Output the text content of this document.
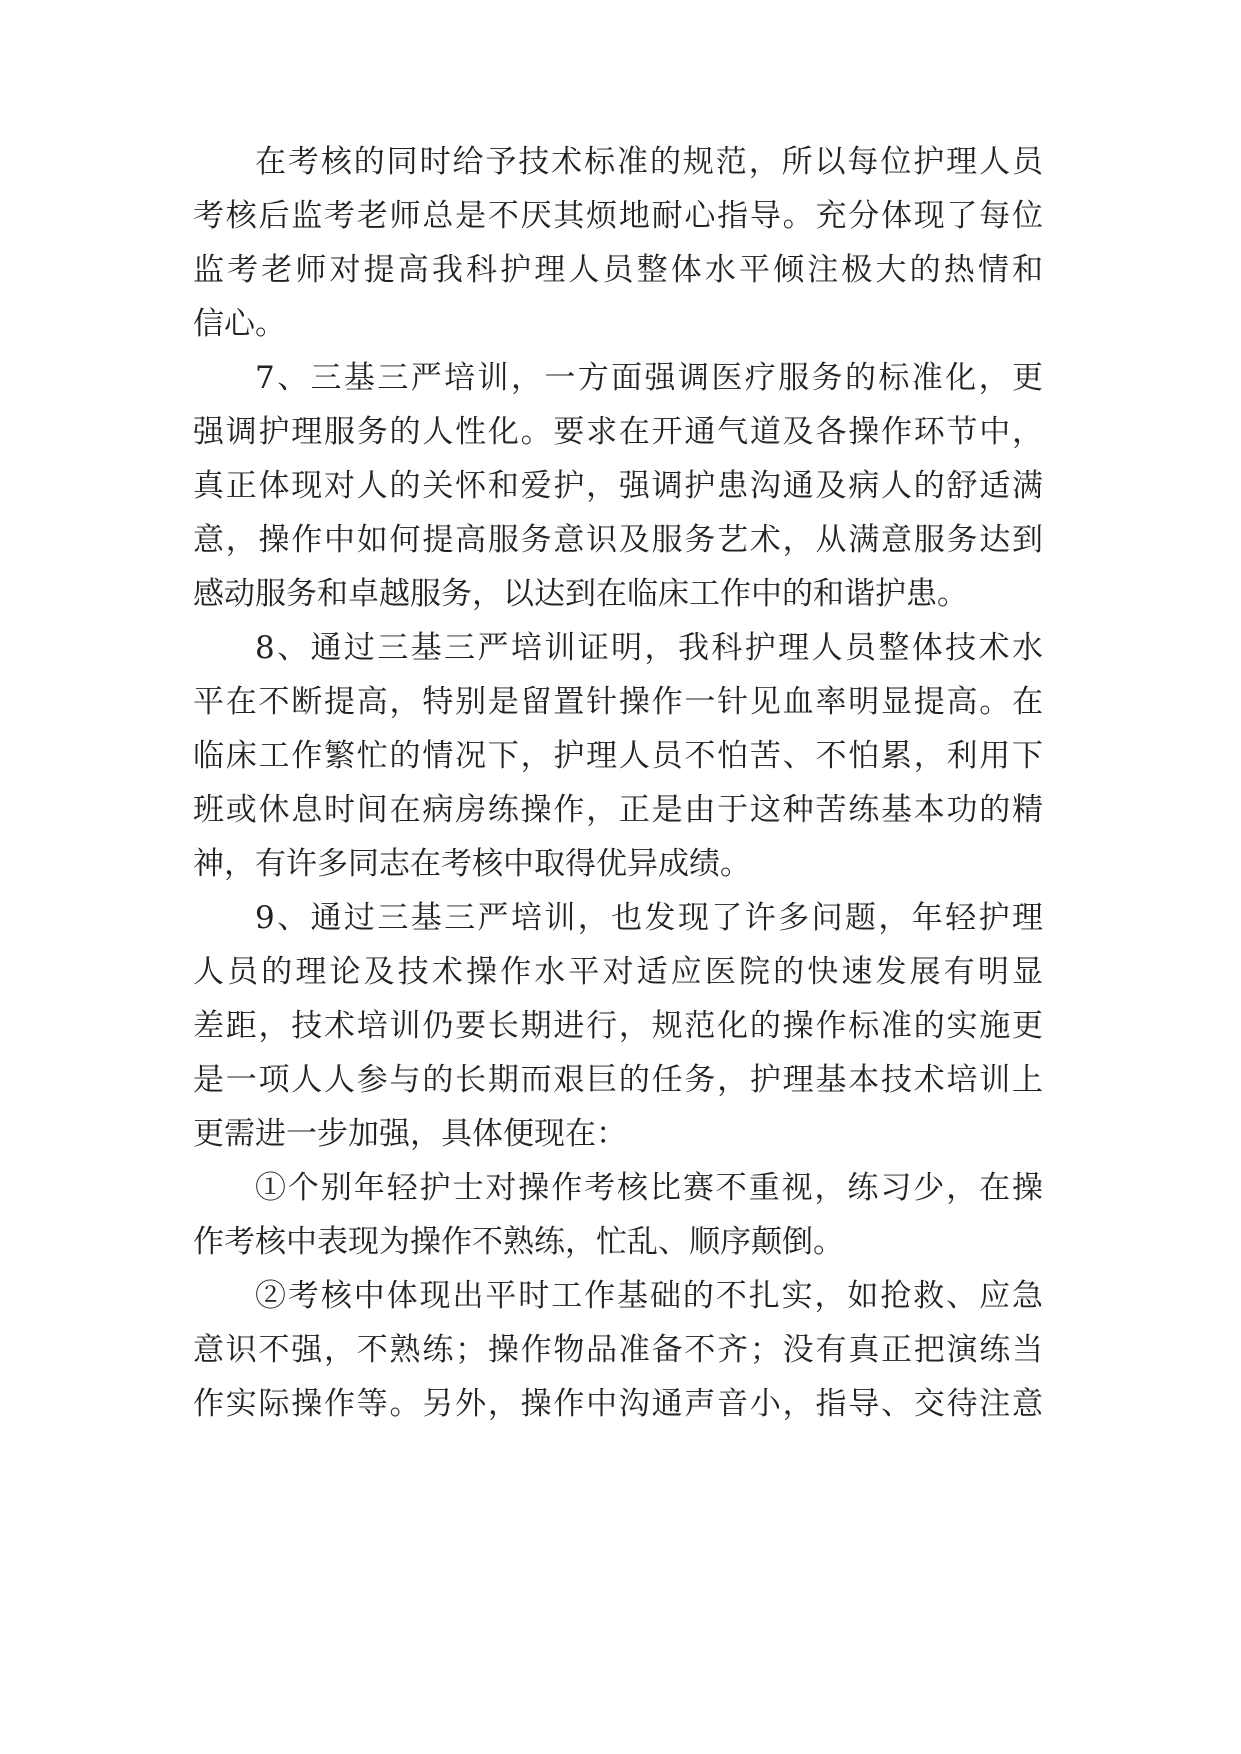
在考核的同时给予技术标准的规范，所以每位护理人员
考核后监考老师总是不厌其烦地耐心指导。充分体现了每位
监考老师对提高我科护理人员整体水平倾注极大的热情和
信心。
7、三基三严培训，一方面强调医疗服务的标准化，更
强调护理服务的人性化。要求在开通气道及各操作环节中，
真正体现对人的关怀和爱护，强调护患沟通及病人的舒适满
意，操作中如何提高服务意识及服务艺术，从满意服务达到
感动服务和卓越服务，以达到在临床工作中的和谐护患。
8、通过三基三严培训证明，我科护理人员整体技术水
平在不断提高，特别是留置针操作一针见血率明显提高。在
临床工作繁忙的情况下，护理人员不怕苦、不怕累，利用下
班或休息时间在病房练操作，正是由于这种苦练基本功的精
神，有许多同志在考核中取得优异成绩。
9、通过三基三严培训，也发现了许多问题，年轻护理
人员的理论及技术操作水平对适应医院的快速发展有明显
差距，技术培训仍要长期进行，规范化的操作标准的实施更
是一项人人参与的长期而艰巨的任务，护理基本技术培训上
更需进一步加强，具体便现在：
①个别年轻护士对操作考核比赛不重视，练习少，在操
作考核中表现为操作不熟练，忙乱、顺序颠倒。
②考核中体现出平时工作基础的不扎实，如抢救、应急
意识不强，不熟练；操作物品准备不齐；没有真正把演练当
作实际操作等。另外，操作中沟通声音小，指导、交待注意
